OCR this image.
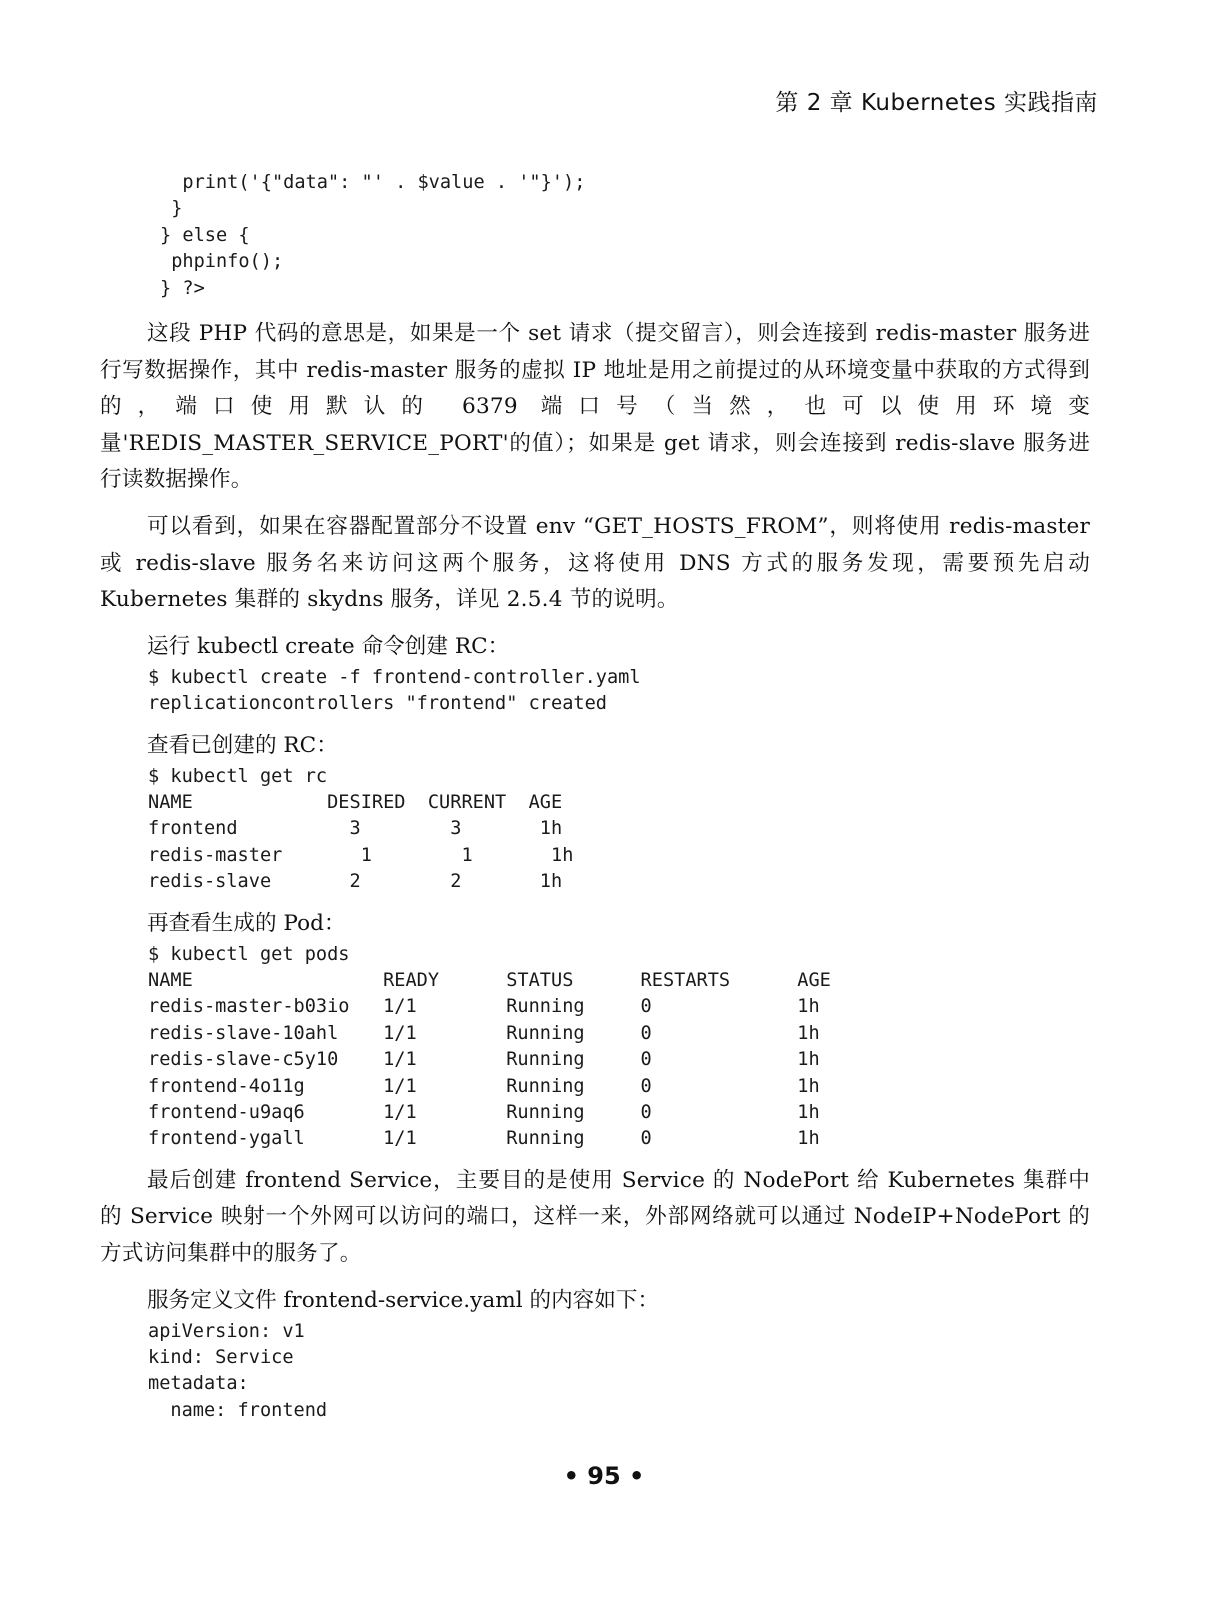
第 2 章 Kubernetes 实践指南
print('{"data": "' . $value . '"}');
}
} else {
phpinfo();
} ?>

这段 PHP 代码的意思是，如果是一个 set 请求（提交留言），则会连接到 redis-master 服务进行写数据操作，其中 redis-master 服务的虚拟 IP 地址是用之前提过的从环境变量中获取的方式得到的，端口使用默认的 6379 端口号（当然，也可以使用环境变量'REDIS_MASTER_SERVICE_PORT'的值）；如果是 get 请求，则会连接到 redis-slave 服务进行读数据操作。

可以看到，如果在容器配置部分不设置 env “GET_HOSTS_FROM”，则将使用 redis-master 或 redis-slave 服务名来访问这两个服务，这将使用 DNS 方式的服务发现，需要预先启动 Kubernetes 集群的 skydns 服务，详见 2.5.4 节的说明。

运行 kubectl create 命令创建 RC：

$ kubectl create -f frontend-controller.yaml
replicationcontrollers "frontend" created

查看已创建的 RC：

$ kubectl get rc
NAME            DESIRED  CURRENT  AGE
frontend          3        3       1h
redis-master       1        1       1h
redis-slave       2        2       1h

再查看生成的 Pod：

$ kubectl get pods
NAME                 READY      STATUS      RESTARTS      AGE
redis-master-b03io   1/1        Running     0             1h
redis-slave-10ahl    1/1        Running     0             1h
redis-slave-c5y10    1/1        Running     0             1h
frontend-4o11g       1/1        Running     0             1h
frontend-u9aq6       1/1        Running     0             1h
frontend-ygall       1/1        Running     0             1h

最后创建 frontend Service，主要目的是使用 Service 的 NodePort 给 Kubernetes 集群中的 Service 映射一个外网可以访问的端口，这样一来，外部网络就可以通过 NodeIP+NodePort 的方式访问集群中的服务了。

服务定义文件 frontend-service.yaml 的内容如下：

apiVersion: v1
kind: Service
metadata:
name: frontend
• 95 •
